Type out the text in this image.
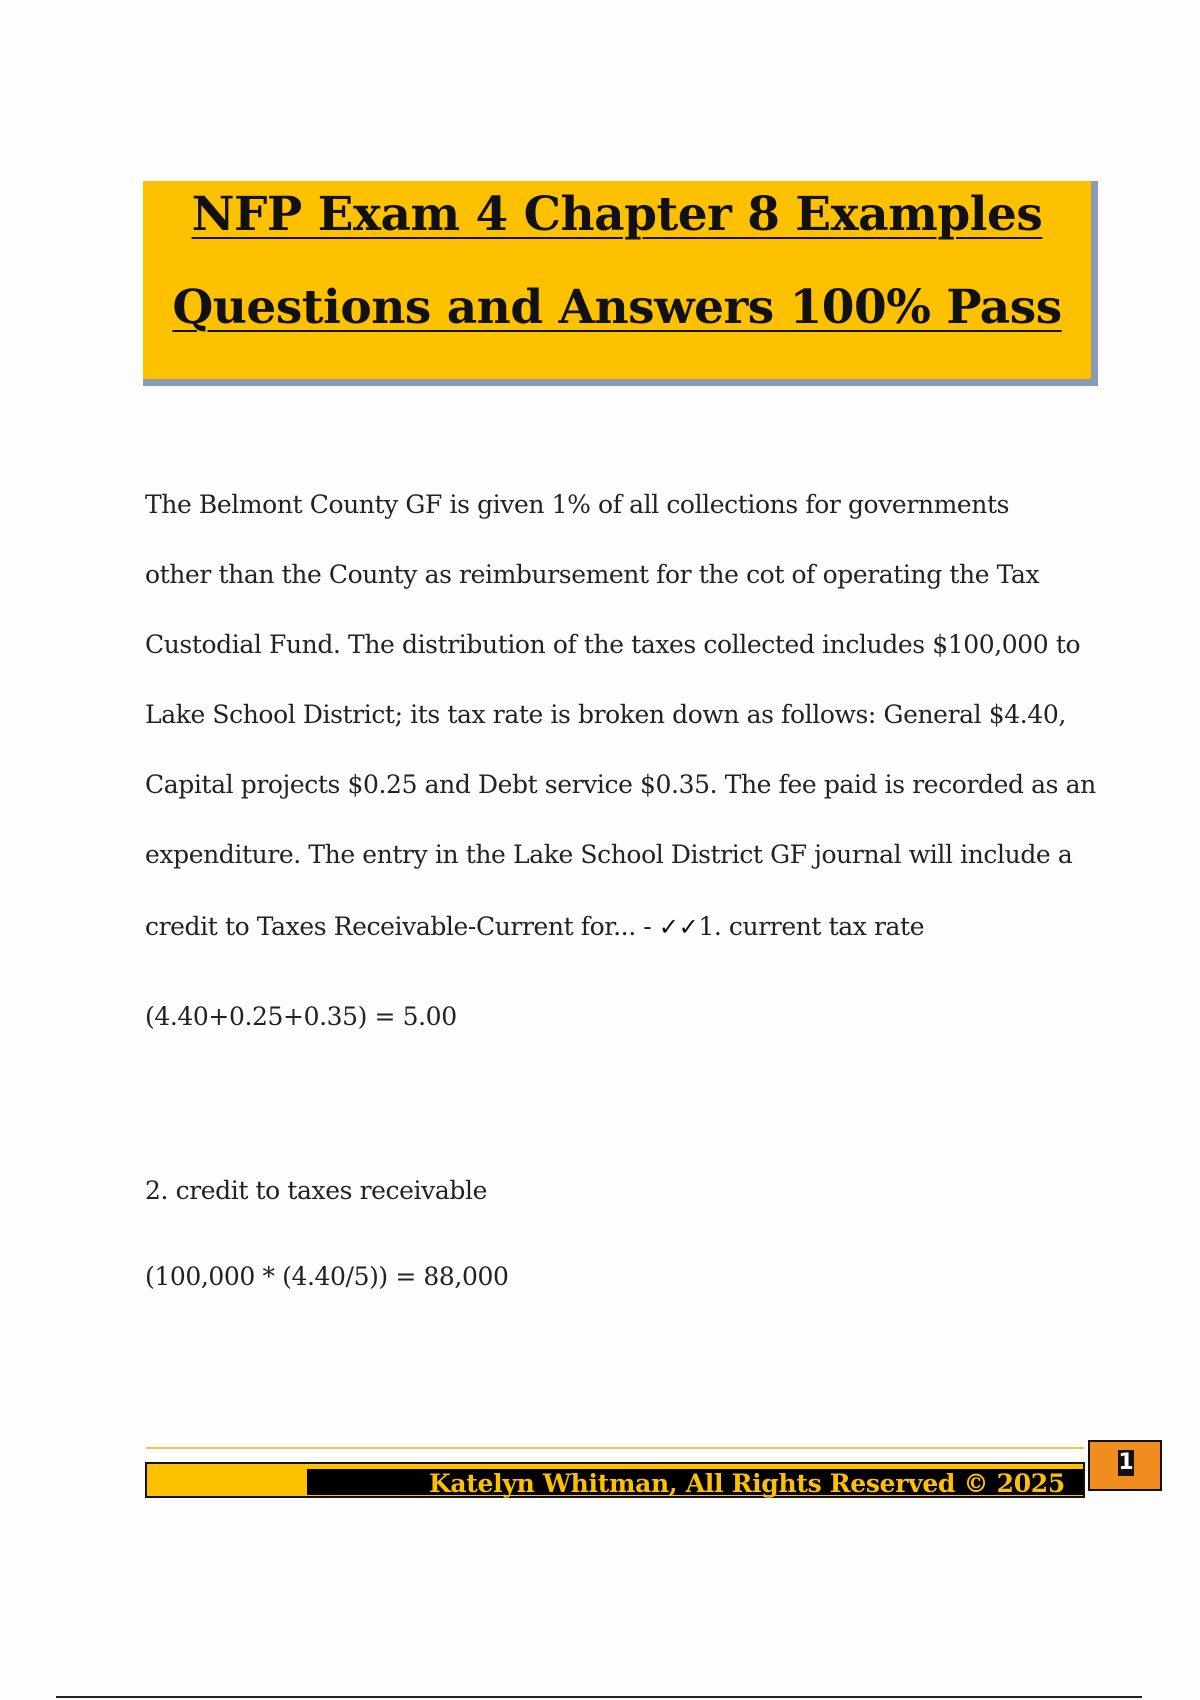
NFP Exam 4 Chapter 8 Examples
Questions and Answers 100% Pass
The Belmont County GF is given 1% of all collections for governments
other than the County as reimbursement for the cot of operating the Tax
Custodial Fund. The distribution of the taxes collected includes $100,000 to
Lake School District; its tax rate is broken down as follows: General $4.40,
Capital projects $0.25 and Debt service $0.35. The fee paid is recorded as an
expenditure. The entry in the Lake School District GF journal will include a
credit to Taxes Receivable-Current for... - ✓✓1. current tax rate
(4.40+0.25+0.35) = 5.00
2. credit to taxes receivable
(100,000 * (4.40/5)) = 88,000
Katelyn Whitman, All Rights Reserved © 2025
1
